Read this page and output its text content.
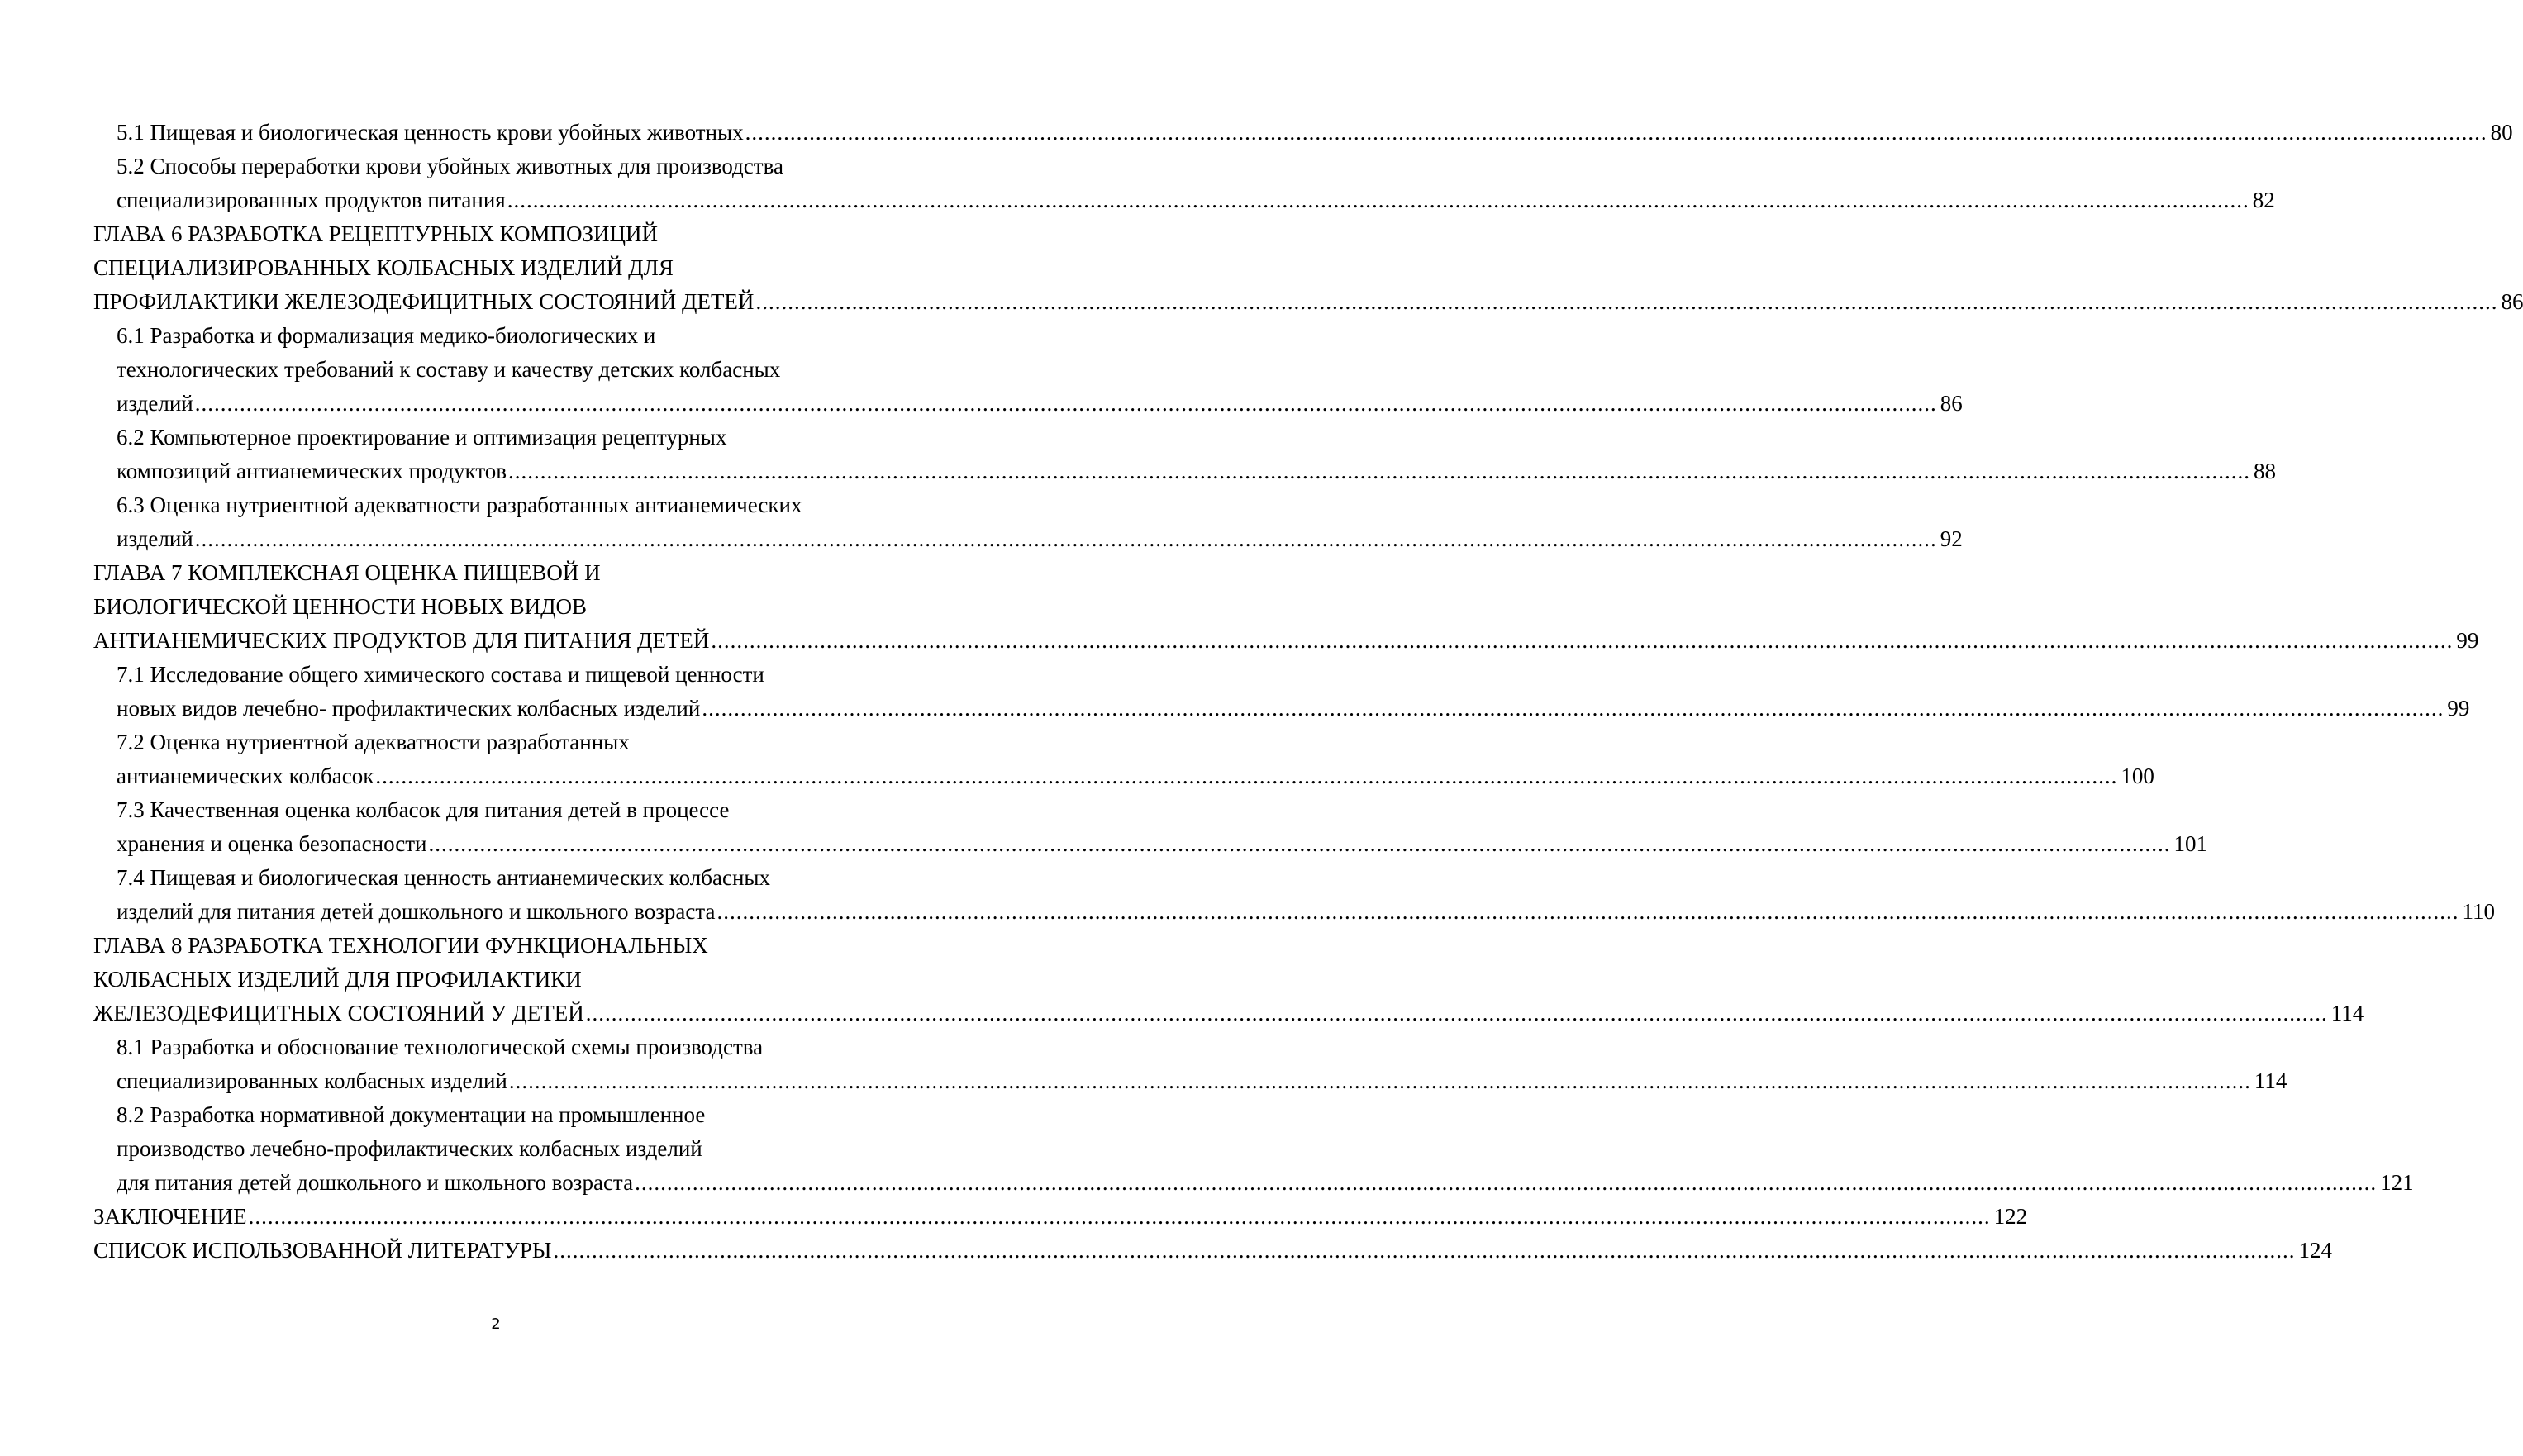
5.1 Пищевая и биологическая ценность крови убойных животных .....	80
5.2 Способы переработки крови убойных животных для производства
специализированных продуктов питания .....	82
ГЛАВА 6 РАЗРАБОТКА РЕЦЕПТУРНЫХ КОМПОЗИЦИЙ
СПЕЦИАЛИЗИРОВАННЫХ КОЛБАСНЫХ ИЗДЕЛИЙ ДЛЯ
ПРОФИЛАКТИКИ ЖЕЛЕЗОДЕФИЦИТНЫХ СОСТОЯНИЙ ДЕТЕЙ .....	86
6.1 Разработка и формализация медико-биологических и
технологических требований к составу и качеству детских колбасных
изделий .....	86
6.2 Компьютерное проектирование и оптимизация рецептурных
композиций антианемических продуктов .....	88
6.3 Оценка нутриентной адекватности разработанных антианемических
изделий .....	92
ГЛАВА 7 КОМПЛЕКСНАЯ ОЦЕНКА ПИЩЕВОЙ И
БИОЛОГИЧЕСКОЙ ЦЕННОСТИ НОВЫХ ВИДОВ
АНТИАНЕМИЧЕСКИХ ПРОДУКТОВ ДЛЯ ПИТАНИЯ ДЕТЕЙ .....	99
7.1 Исследование общего химического состава и пищевой ценности
новых видов лечебно- профилактических колбасных изделий .....	99
7.2 Оценка нутриентной адекватности разработанных
антианемических колбасок .....	100
7.3 Качественная оценка колбасок для питания детей в процессе
хранения и оценка безопасности .....	101
7.4 Пищевая и биологическая ценность антианемических колбасных
изделий для питания детей дошкольного и школьного возраста .....	110
ГЛАВА 8 РАЗРАБОТКА ТЕХНОЛОГИИ ФУНКЦИОНАЛЬНЫХ
КОЛБАСНЫХ ИЗДЕЛИЙ ДЛЯ ПРОФИЛАКТИКИ
ЖЕЛЕЗОДЕФИЦИТНЫХ СОСТОЯНИЙ У ДЕТЕЙ .....	114
8.1 Разработка и обоснование технологической схемы производства
специализированных колбасных изделий .....	114
8.2 Разработка нормативной документации на промышленное
производство лечебно-профилактических колбасных изделий
для питания детей дошкольного и школьного возраста .....	121
ЗАКЛЮЧЕНИЕ .....	122
СПИСОК ИСПОЛЬЗОВАННОЙ ЛИТЕРАТУРЫ .....	124
2
